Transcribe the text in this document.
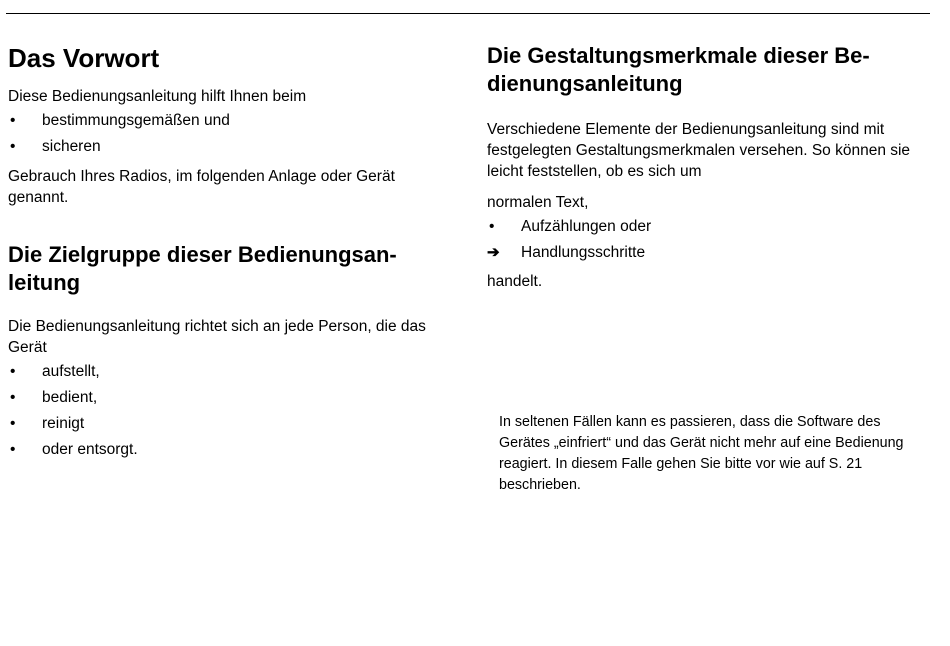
Das Vorwort

Diese Bedienungsanleitung hilft Ihnen beim

• bestimmungsgemäßen und
• sicheren

Gebrauch Ihres Radios, im folgenden Anlage oder Gerät genannt.

Die Zielgruppe dieser Bedienungsan- leitung

Die Bedienungsanleitung richtet sich an jede Person, die das Gerät

• aufstellt,
• bedient,
• reinigt
• oder entsorgt.
Die Gestaltungsmerkmale dieser Be- dienungsanleitung

Verschiedene Elemente der Bedienungsanleitung sind mit festgelegten Gestaltungsmerkmalen versehen. So können sie leicht feststellen, ob es sich um

normalen Text,

• Aufzählungen oder
➔ Handlungsschritte

handelt.

In seltenen Fällen kann es passieren, dass die Software des Gerätes „einfriert“ und das Gerät nicht mehr auf eine Bedienung reagiert. In diesem Falle gehen Sie bitte vor wie auf S. 21 beschrieben.
